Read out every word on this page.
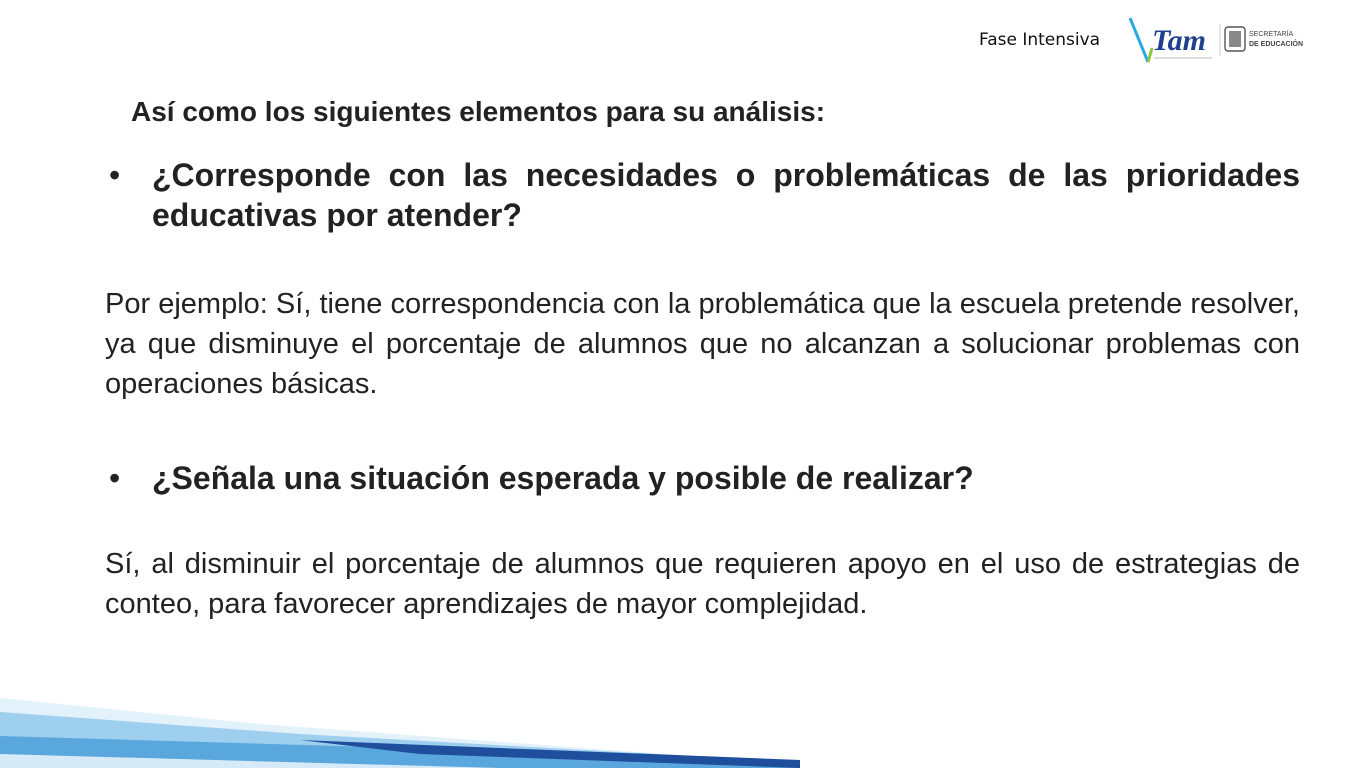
Fase Intensiva Tam	SECRETARÍA
DE EDUCACIÓN
Así como los siguientes elementos para su análisis:
• ¿Corresponde con las necesidades o problemáticas de las prioridades educativas por atender?
Por ejemplo: Sí, tiene correspondencia con la problemática que la escuela pretende resolver, ya que disminuye el porcentaje de alumnos que no alcanzan a solucionar problemas con operaciones básicas.
• ¿Señala una situación esperada y posible de realizar?
Sí, al disminuir el porcentaje de alumnos que requieren apoyo en el uso de estrategias de conteo, para favorecer aprendizajes de mayor complejidad.
